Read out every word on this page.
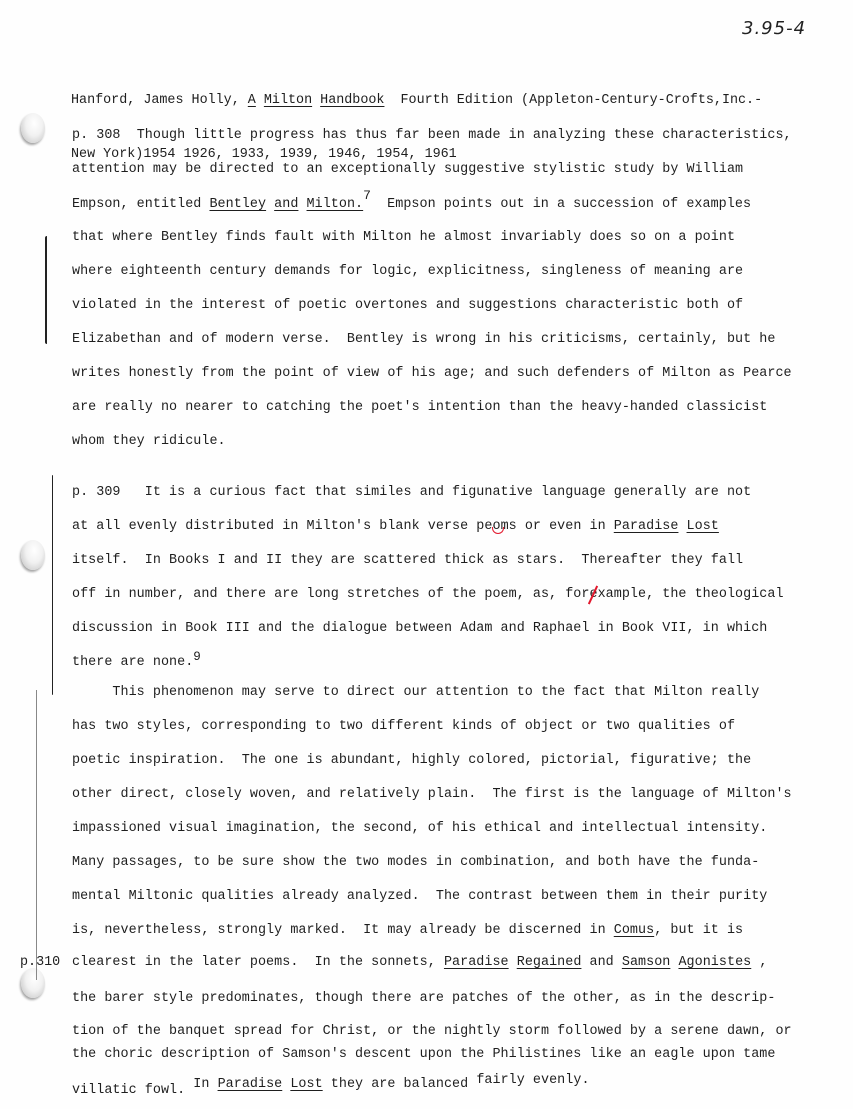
3.95-4

Hanford, James Holly, A Milton Handbook  Fourth Edition (Appleton-Century-Crofts,Inc.-

New York)1954 1926, 1933, 1939, 1946, 1954, 1961

p. 308 Though little progress has thus far been made in analyzing these characteristics,
attention may be directed to an exceptionally suggestive stylistic study by William
Empson, entitled Bentley and Milton.7  Empson points out in a succession of examples
that where Bentley finds fault with Milton he almost invariably does so on a point
where eighteenth century demands for logic, explicitness, singleness of meaning are
violated in the interest of poetic overtones and suggestions characteristic both of
Elizabethan and of modern verse.  Bentley is wrong in his criticisms, certainly, but he
writes honestly from the point of view of his age; and such defenders of Milton as Pearce
are really no nearer to catching the poet's intention than the heavy-handed classicist
whom they ridicule.
p. 309 It is a curious fact that similes and figunative language generally are not
at all evenly distributed in Milton's blank verse peoms or even in Paradise Lost
itself.  In Books I and II they are scattered thick as stars.  Thereafter they fall
off in number, and there are long stretches of the poem, as, forexample, the theological
discussion in Book III and the dialogue between Adam and Raphael in Book VII, in which
there are none.9
This phenomenon may serve to direct our attention to the fact that Milton really
has two styles, corresponding to two different kinds of object or two qualities of
poetic inspiration.  The one is abundant, highly colored, pictorial, figurative; the
other direct, closely woven, and relatively plain.  The first is the language of Milton's
impassioned visual imagination, the second, of his ethical and intellectual intensity.
Many passages, to be sure show the two modes in combination, and both have the funda-
mental Miltonic qualities already analyzed.  The contrast between them in their purity
is, nevertheless, strongly marked.  It may already be discerned in Comus, but it is
p.310 clearest in the later poems.  In the sonnets, Paradise Regained and Samson Agonistes ,
the barer style predominates, though there are patches of the other, as in the descrip-
tion of the banquet spread for Christ, or the nightly storm followed by a serene dawn, or
the choric description of Samson's descent upon the Philistines like an eagle upon tame
villatic fowl. In Paradise Lost they are balanced fairly evenly.
